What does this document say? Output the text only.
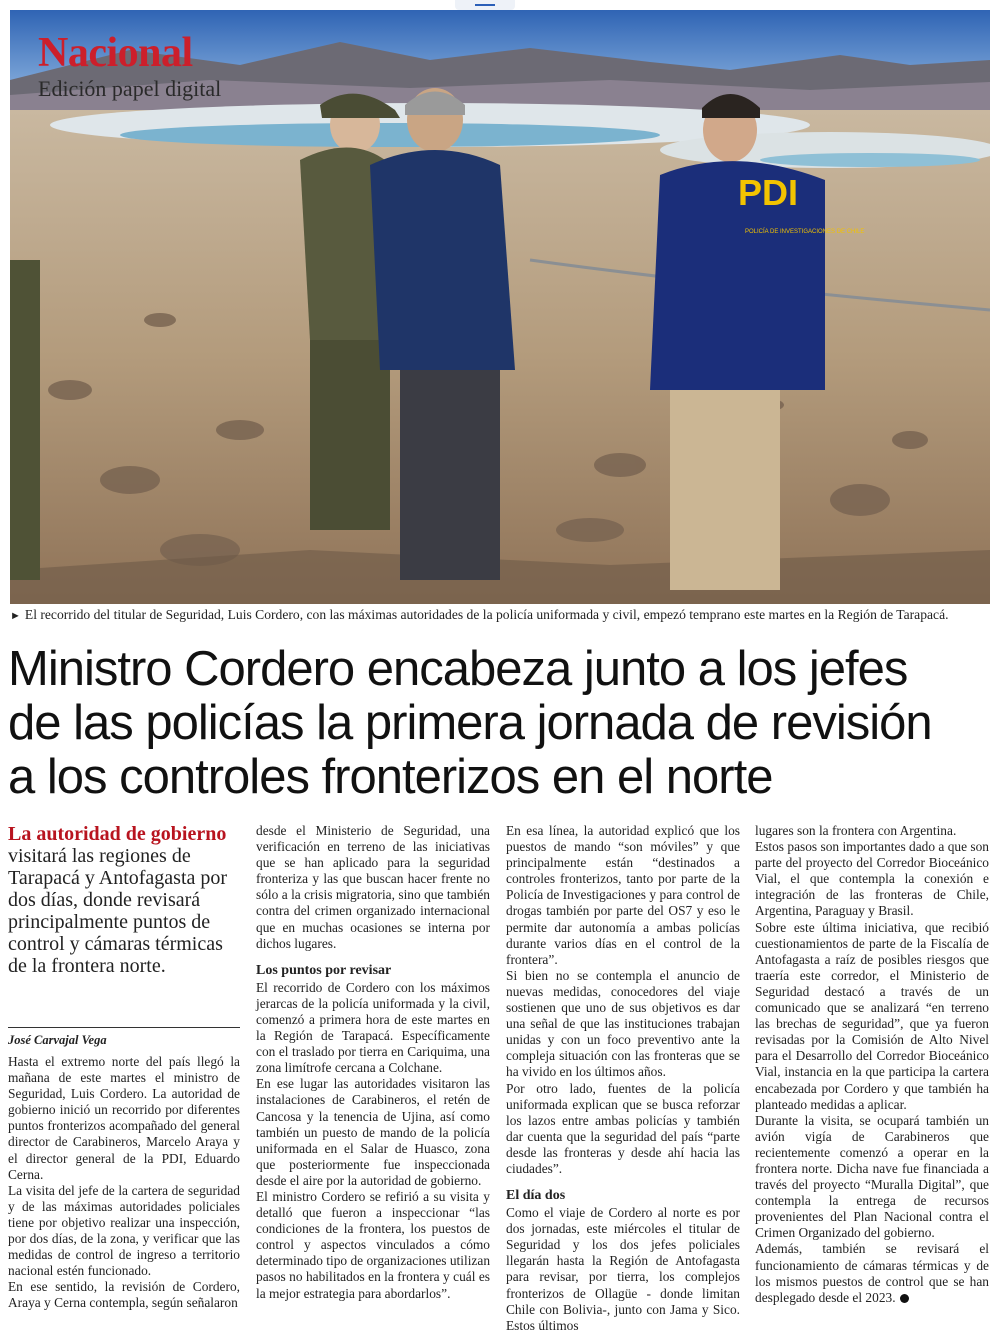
PDI
POLICÍA DE INVESTIGACIONES DE CHILE
Nacional
Edición papel digital
► El recorrido del titular de Seguridad, Luis Cordero, con las máximas autoridades de la policía uniformada y civil, empezó temprano este martes en la Región de Tarapacá.
Ministro Cordero encabeza junto a los jefes
de las policías la primera jornada de revisión
a los controles fronterizos en el norte

La autoridad de gobierno visitará las regiones de Tarapacá y Antofagasta por dos días, donde revisará principalmente puntos de control y cámaras térmicas de la frontera norte.

José Carvajal Vega

Hasta el extremo norte del país llegó la mañana de este martes el ministro de Seguridad, Luis Cordero. La autoridad de gobierno inició un recorrido por diferentes puntos fronterizos acompañado del general director de Carabineros, Marcelo Araya y el director general de la PDI, Eduardo Cerna.

La visita del jefe de la cartera de seguridad y de las máximas autoridades policiales tiene por objetivo realizar una inspección, por dos días, de la zona, y verificar que las medidas de control de ingreso a territorio nacional estén funcionado.

En ese sentido, la revisión de Cordero, Araya y Cerna contempla, según señalaron

desde el Ministerio de Seguridad, una verificación en terreno de las iniciativas que se han aplicado para la seguridad fronteriza y las que buscan hacer frente no sólo a la crisis migratoria, sino que también contra del crimen organizado internacional que en muchas ocasiones se interna por dichos lugares.

Los puntos por revisar

El recorrido de Cordero con los máximos jerarcas de la policía uniformada y la civil, comenzó a primera hora de este martes en la Región de Tarapacá. Específicamente con el traslado por tierra en Cariquima, una zona limítrofe cercana a Colchane.

En ese lugar las autoridades visitaron las instalaciones de Carabineros, el retén de Cancosa y la tenencia de Ujina, así como también un puesto de mando de la policía uniformada en el Salar de Huasco, zona que posteriormente fue inspeccionada desde el aire por la autoridad de gobierno.

El ministro Cordero se refirió a su visita y detalló que fueron a inspeccionar “las condiciones de la frontera, los puestos de control y aspectos vinculados a cómo determinado tipo de organizaciones utilizan pasos no habilitados en la frontera y cuál es la mejor estrategia para abordarlos”.

En esa línea, la autoridad explicó que los puestos de mando “son móviles” y que principalmente están “destinados a controles fronterizos, tanto por parte de la Policía de Investigaciones y para control de drogas también por parte del OS7 y eso le permite dar autonomía a ambas policías durante varios días en el control de la frontera”.

Si bien no se contempla el anuncio de nuevas medidas, conocedores del viaje sostienen que uno de sus objetivos es dar una señal de que las instituciones trabajan unidas y con un foco preventivo ante la compleja situación con las fronteras que se ha vivido en los últimos años.

Por otro lado, fuentes de la policía uniformada explican que se busca reforzar los lazos entre ambas policías y también dar cuenta que la seguridad del país “parte desde las fronteras y desde ahí hacia las ciudades”.

El día dos

Como el viaje de Cordero al norte es por dos jornadas, este miércoles el titular de Seguridad y los dos jefes policiales llegarán hasta la Región de Antofagasta para revisar, por tierra, los complejos fronterizos de Ollagüe - donde limitan Chile con Bolivia-, junto con Jama y Sico. Estos últimos

lugares son la frontera con Argentina.

Estos pasos son importantes dado a que son parte del proyecto del Corredor Bioceánico Vial, el que contempla la conexión e integración de las fronteras de Chile, Argentina, Paraguay y Brasil.

Sobre este última iniciativa, que recibió cuestionamientos de parte de la Fiscalía de Antofagasta a raíz de posibles riesgos que traería este corredor, el Ministerio de Seguridad destacó a través de un comunicado que se analizará “en terreno las brechas de seguridad”, que ya fueron revisadas por la Comisión de Alto Nivel para el Desarrollo del Corredor Bioceánico Vial, instancia en la que participa la cartera encabezada por Cordero y que también ha planteado medidas a aplicar.

Durante la visita, se ocupará también un avión vigía de Carabineros que recientemente comenzó a operar en la frontera norte. Dicha nave fue financiada a través del proyecto “Muralla Digital”, que contempla la entrega de recursos provenientes del Plan Nacional contra el Crimen Organizado del gobierno.

Además, también se revisará el funcionamiento de cámaras térmicas y de los mismos puestos de control que se han desplegado desde el 2023.
